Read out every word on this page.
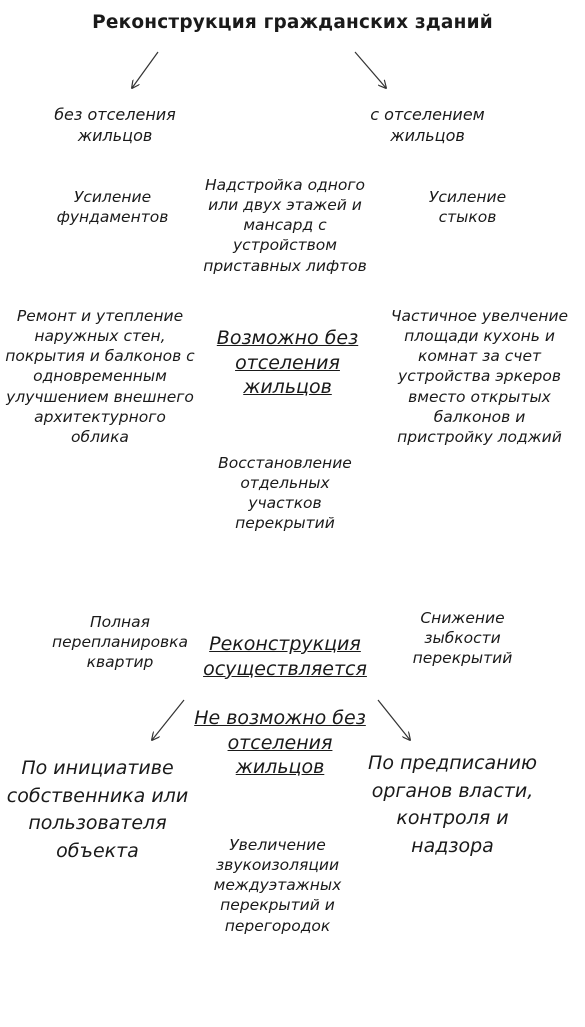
Реконструкция гражданских зданий
без отселения
жильцов
с отселением
жильцов
Усиление
фундаментов
Надстройка одного
или двух этажей и
мансард с
устройством
приставных лифтов
Усиление
стыков
Ремонт и утепление
наружных стен,
покрытия и балконов с
одновременным
улучшением внешнего
архитектурного
облика
Возможно без
отселения
жильцов
Частичное увелчение
площади кухонь и
комнат за счет
устройства эркеров
вместо открытых
балконов и
пристройку лоджий
Восстановление
отдельных
участков
перекрытий
Полная
перепланировка
квартир
Реконструкция
осуществляется
Снижение
зыбкости
перекрытий
Не возможно без
отселения
жильцов
По инициативе
собственника или
пользователя
объекта
По предписанию
органов власти,
контроля и
надзора
Увеличение
звукоизоляции
междуэтажных
перекрытий и
перегородок
